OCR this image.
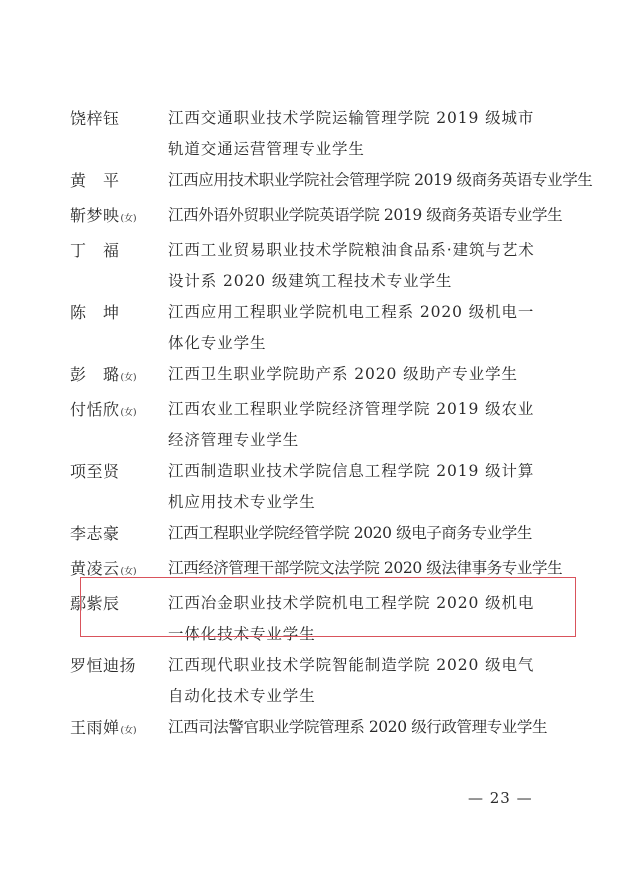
饶梓钰	江西交通职业技术学院运输管理学院 2019 级城市轨道交通运营管理专业学生
黄　平	江西应用技术职业学院社会管理学院 2019 级商务英语专业学生
靳梦映(女)	江西外语外贸职业学院英语学院 2019 级商务英语专业学生
丁　福	江西工业贸易职业技术学院粮油食品系·建筑与艺术设计系 2020 级建筑工程技术专业学生
陈　坤	江西应用工程职业学院机电工程系 2020 级机电一体化专业学生
彭　璐(女)	江西卫生职业学院助产系 2020 级助产专业学生
付恬欣(女)	江西农业工程职业学院经济管理学院 2019 级农业经济管理专业学生
项至贤	江西制造职业技术学院信息工程学院 2019 级计算机应用技术专业学生
李志豪	江西工程职业学院经管学院 2020 级电子商务专业学生
黄凌云(女)	江西经济管理干部学院文法学院 2020 级法律事务专业学生
鄢紫辰	江西冶金职业技术学院机电工程学院 2020 级机电一体化技术专业学生
罗恒迪扬	江西现代职业技术学院智能制造学院 2020 级电气自动化技术专业学生
王雨婵(女)	江西司法警官职业学院管理系 2020 级行政管理专业学生
— 23 —
